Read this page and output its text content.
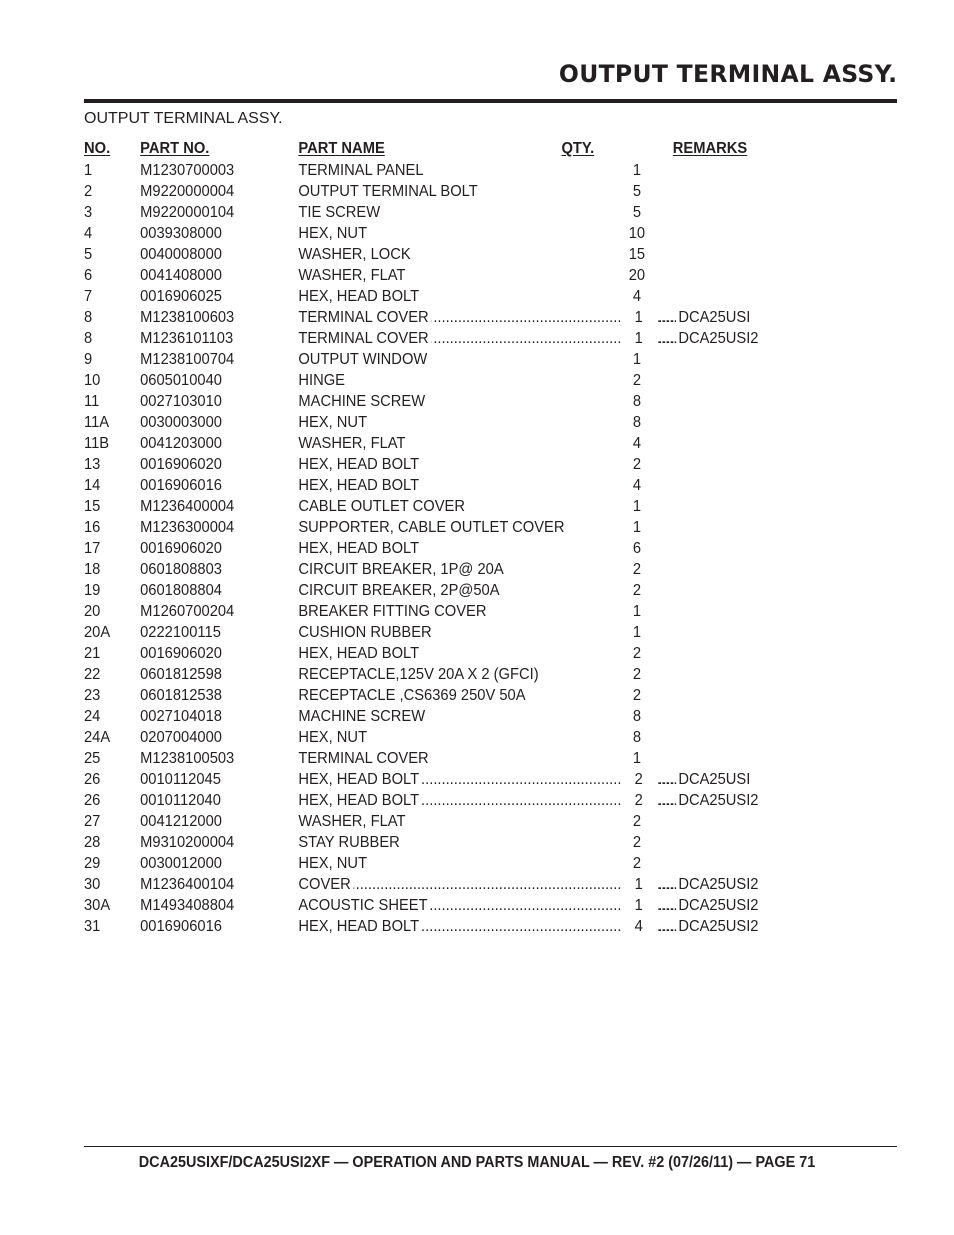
OUTPUT TERMINAL ASSY.
OUTPUT TERMINAL ASSY.
NO. PART NO.	PART NAME	QTY.	REMARKS
1	M1230700003	TERMINAL PANEL	1
2	M9220000004	OUTPUT TERMINAL BOLT	5
3	M9220000104	TIE SCREW	5
4	0039308000	HEX, NUT	10
5	0040008000	WASHER, LOCK	15
6	0041408000	WASHER, FLAT	20
7	0016906025	HEX, HEAD BOLT	4
.....
.....
8	M1238100603	TERMINAL COVER	1	DCA25USI
.....
.....
8	M1236101103	TERMINAL COVER	1	DCA25USI2
9	M1238100704	OUTPUT WINDOW	1
10 0605010040	HINGE	2
11	0027103010	MACHINE SCREW	8
11A 0030003000	HEX, NUT	8
11B 0041203000	WASHER, FLAT	4
13 0016906020	HEX, HEAD BOLT	2
14 0016906016	HEX, HEAD BOLT	4
15 M1236400004	CABLE OUTLET COVER	1
16 M1236300004	SUPPORTER, CABLE OUTLET COVER	1
17 0016906020	HEX, HEAD BOLT	6
18 0601808803	CIRCUIT BREAKER, 1P@ 20A	2
19 0601808804	CIRCUIT BREAKER, 2P@50A	2
20 M1260700204	BREAKER FITTING COVER	1
20A 0222100115	CUSHION RUBBER	1
21 0016906020	HEX, HEAD BOLT	2
22 0601812598	RECEPTACLE,125V 20A X 2 (GFCI)	2
23 0601812538	RECEPTACLE ,CS6369 250V 50A	2
24 0027104018	MACHINE SCREW	8
24A 0207004000	HEX, NUT	8
25 M1238100503	TERMINAL COVER	1
.....
.....
26 0010112045	HEX, HEAD BOLT	2	DCA25USI
.....
.....
26 0010112040	HEX, HEAD BOLT	2	DCA25USI2
27 0041212000	WASHER, FLAT	2
28 M9310200004	STAY RUBBER	2
29 0030012000	HEX, NUT	2
.....
.....
30 M1236400104	COVER	1	DCA25USI2
.....
.....
30A M1493408804	ACOUSTIC SHEET	1	DCA25USI2
.....
.....
31 0016906016	HEX, HEAD BOLT	4	DCA25USI2
DCA25USIXF/DCA25USI2XF — OPERATION AND PARTS MANUAL — REV. #2 (07/26/11) — PAGE 71
